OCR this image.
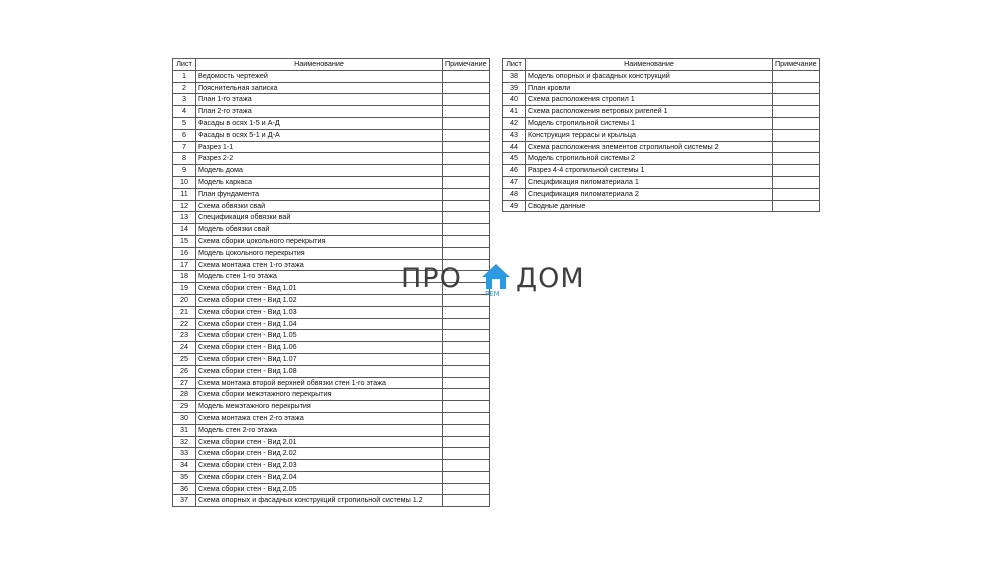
Лист	Наименование	Примечание
1	Ведомость чертежей	
2	Пояснительная записка	
3	План 1-го этажа	
4	План 2-го этажа	
5	Фасады в осях 1-5 и А-Д	
6	Фасады в осях 5-1 и Д-А	
7	Разрез 1-1	
8	Разрез 2-2	
9	Модель дома	
10	Модель каркаса	
11	План фундамента	
12	Схема обвязки свай	
13	Спецификация обвязки вай	
14	Модель обвязки свай	
15	Схема сборки цокольного перекрытия	
16	Модель цокольного перекрытия	
17	Схема монтажа стен 1-го этажа	
18	Модель стен 1-го этажа	
19	Схема сборки стен - Вид 1.01	
20	Схема сборки стен - Вид 1.02	
21	Схема сборки стен - Вид 1.03	
22	Схема сборки стен - Вид 1.04	
23	Схема сборки стен - Вид 1.05	
24	Схема сборки стен - Вид 1.06	
25	Схема сборки стен - Вид 1.07	
26	Схема сборки стен - Вид 1.08	
27	Схема монтажа второй верхней обвязки стен 1-го этажа	
28	Схема сборки межэтажного перекрытия	
29	Модель межэтажного перекрытия	
30	Схема монтажа стен 2-го этажа	
31	Модель стен 2-го этажа	
32	Схема сборки стен - Вид 2.01	
33	Схема сборки стен - Вид 2.02	
34	Схема сборки стен - Вид 2.03	
35	Схема сборки стен - Вид 2.04	
36	Схема сборки стен - Вид 2.05	
37	Схема опорных и фасадных конструкций стропильной системы 1.2	
Лист	Наименование	Примечание
38	Модель опорных и фасадных конструкций	
39	План кровли	
40	Схема расположения стропил 1	
41	Схема расположения ветровых ригелей 1	
42	Модель стропильной системы 1	
43	Конструкция террасы и крыльца	
44	Схема расположения элементов стропильной системы 2	
45	Модель стропильной системы 2	
46	Разрез 4-4 стропильной системы 1	
47	Спецификация пиломатериала 1	
48	Спецификация пиломатериала 2	
49	Сводные данные	
ПРО	РЕМ ДОМ
